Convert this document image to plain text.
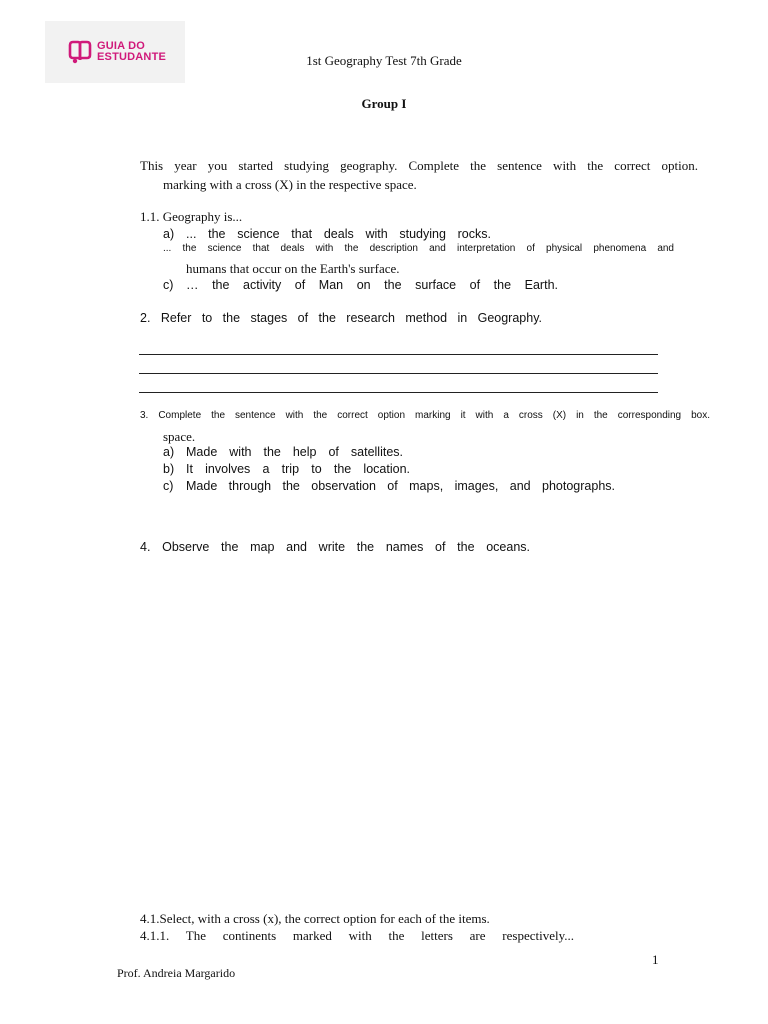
GUIA DO
ESTUDANTE	1st Geography Test 7th Grade
Group I
This year you started studying geography. Complete the sentence with the correct option.
marking with a cross (X) in the respective space.
1.1. Geography is...
a) ... the science that deals with studying rocks.
... the science that deals with the description and interpretation of physical phenomena and
humans that occur on the Earth's surface.
c) … the activity of Man on the surface of the Earth.
2. Refer to the stages of the research method in Geography.
3. Complete the sentence with the correct option marking it with a cross (X) in the corresponding box.
space.
a) Made with the help of satellites.
b) It involves a trip to the location.
c) Made through the observation of maps, images, and photographs.
4. Observe the map and write the names of the oceans.
4.1.Select, with a cross (x), the correct option for each of the items.
4.1.1. The continents marked with the letters are respectively...
1
Prof. Andreia Margarido
